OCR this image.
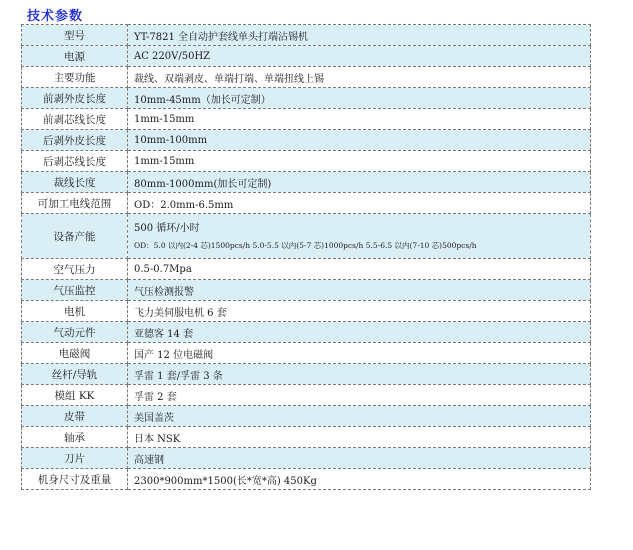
技术参数
型号	YT-7821 全自动护套线单头打端沾锡机
电源	AC 220V/50HZ
主要功能	裁线、双端剥皮、单端打端、单端扭线上锡
前剥外皮长度	10mm-45mm（加长可定制）
前剥芯线长度	1mm-15mm
后剥外皮长度	10mm-100mm
后剥芯线长度	1mm-15mm
裁线长度	80mm-1000mm(加长可定制)
可加工电线范围	OD：2.0mm-6.5mm
设备产能	500 循环/小时
OD：5.0 以内(2-4 芯)1500pcs/h 5.0-5.5 以内(5-7 芯)1000pcs/h 5.5-6.5 以内(7-10 芯)500pcs/h

空气压力	0.5-0.7Mpa
气压监控	气压检测报警
电机	飞力美伺服电机 6 套
气动元件	亚德客 14 套
电磁阀	国产 12 位电磁阀
丝杆/导轨	孚雷 1 套/孚雷 3 条
模组 KK	孚雷 2 套
皮带	美国盖茨
轴承	日本 NSK
刀片	高速钢
机身尺寸及重量	2300*900mm*1500(长*宽*高) 450Kg
